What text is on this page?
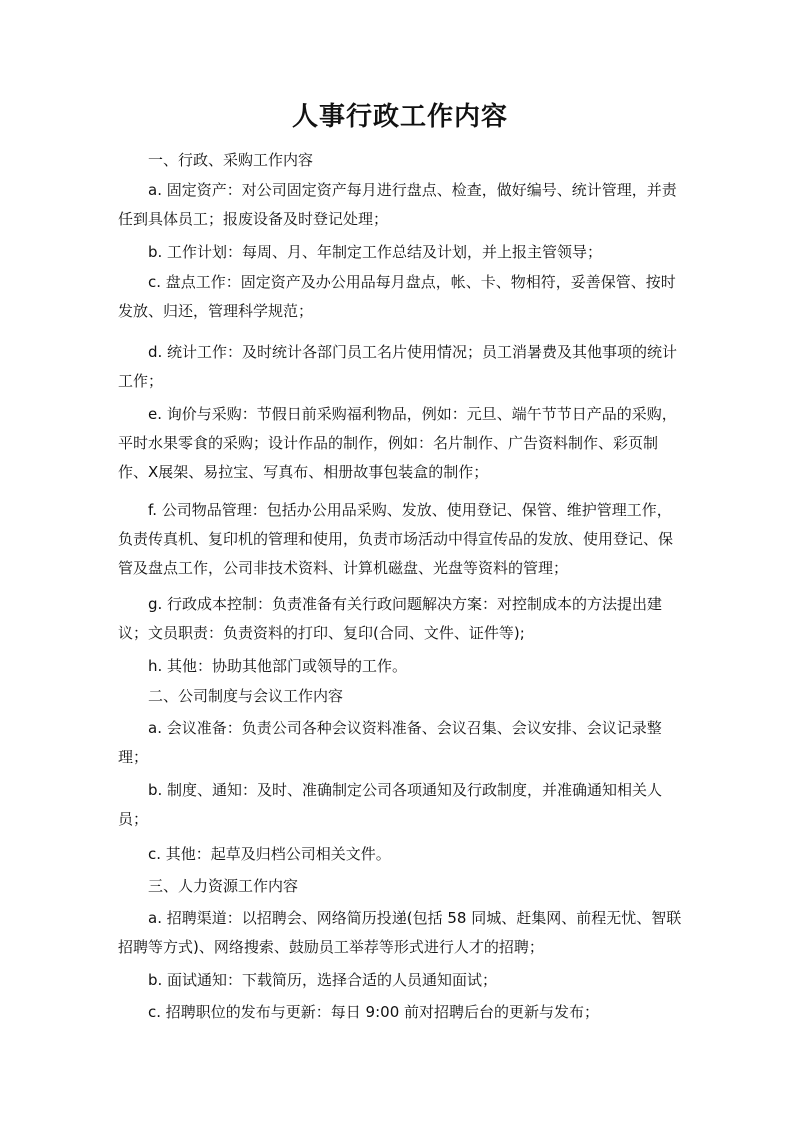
人事行政工作内容

一、行政、采购工作内容

a. 固定资产：对公司固定资产每月进行盘点、检查，做好编号、统计管理，并责任到具体员工；报废设备及时登记处理；

b. 工作计划：每周、月、年制定工作总结及计划，并上报主管领导；

c. 盘点工作：固定资产及办公用品每月盘点，帐、卡、物相符，妥善保管、按时发放、归还，管理科学规范；

d. 统计工作：及时统计各部门员工名片使用情况；员工消暑费及其他事项的统计工作；

e. 询价与采购：节假日前采购福利物品，例如：元旦、端午节节日产品的采购，平时水果零食的采购；设计作品的制作，例如：名片制作、广告资料制作、彩页制作、X展架、易拉宝、写真布、相册故事包装盒的制作；

f. 公司物品管理：包括办公用品采购、发放、使用登记、保管、维护管理工作，负责传真机、复印机的管理和使用，负责市场活动中得宣传品的发放、使用登记、保管及盘点工作，公司非技术资料、计算机磁盘、光盘等资料的管理；

g. 行政成本控制：负责准备有关行政问题解决方案：对控制成本的方法提出建议；文员职责：负责资料的打印、复印(合同、文件、证件等);

h. 其他：协助其他部门或领导的工作。

二、公司制度与会议工作内容

a. 会议准备：负责公司各种会议资料准备、会议召集、会议安排、会议记录整理；

b. 制度、通知：及时、准确制定公司各项通知及行政制度，并准确通知相关人员；

c. 其他：起草及归档公司相关文件。

三、人力资源工作内容

a. 招聘渠道：以招聘会、网络简历投递(包括 58 同城、赶集网、前程无忧、智联招聘等方式)、网络搜索、鼓励员工举荐等形式进行人才的招聘；

b. 面试通知：下载简历，选择合适的人员通知面试；

c. 招聘职位的发布与更新：每日 9:00 前对招聘后台的更新与发布；
